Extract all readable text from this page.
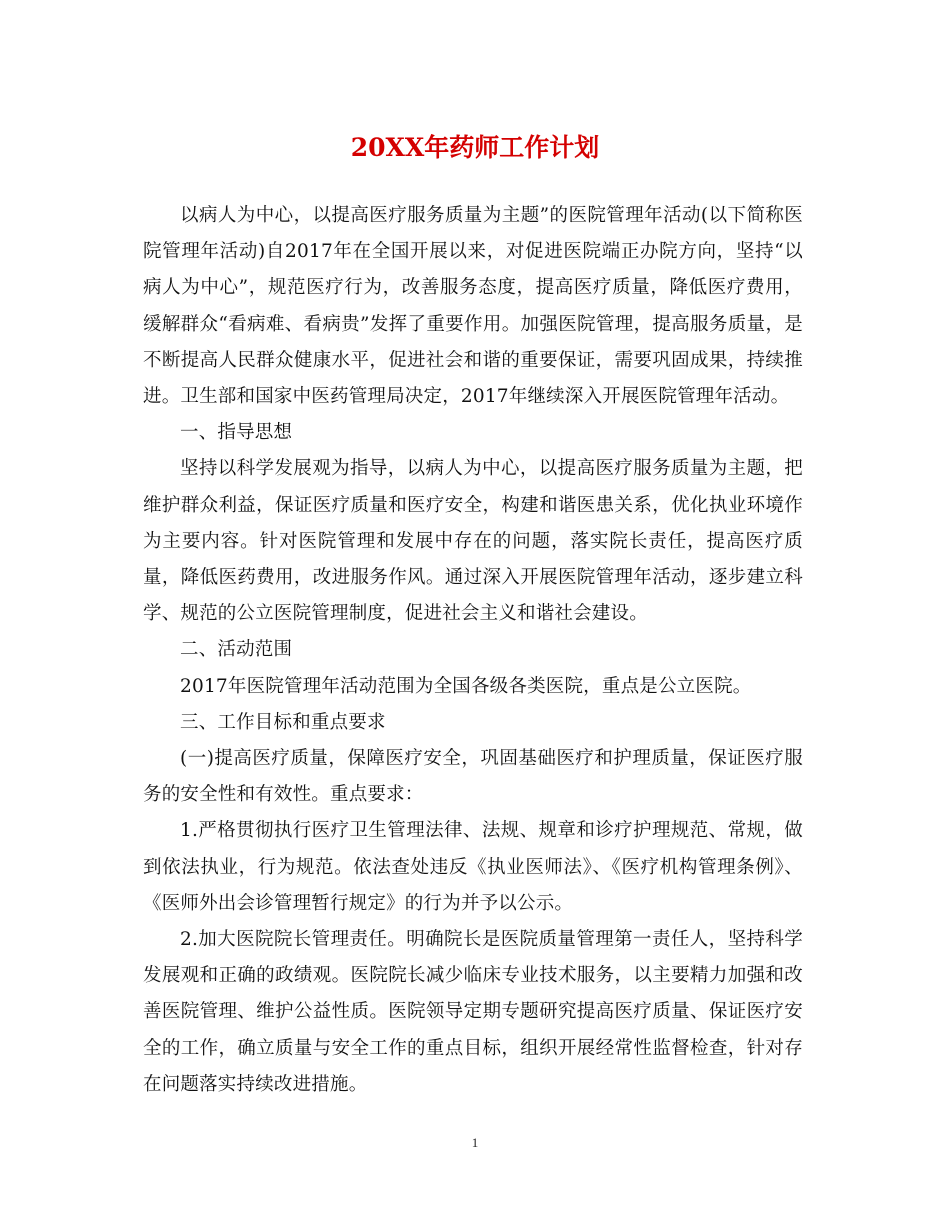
20XX年药师工作计划

以病人为中心，以提高医疗服务质量为主题”的医院管理年活动(以下简称医院管理年活动)自2017年在全国开展以来，对促进医院端正办院方向，坚持“以病人为中心”，规范医疗行为，改善服务态度，提高医疗质量，降低医疗费用，缓解群众“看病难、看病贵”发挥了重要作用。加强医院管理，提高服务质量，是不断提高人民群众健康水平，促进社会和谐的重要保证，需要巩固成果，持续推进。卫生部和国家中医药管理局决定，2017年继续深入开展医院管理年活动。

一、指导思想

坚持以科学发展观为指导，以病人为中心，以提高医疗服务质量为主题，把维护群众利益，保证医疗质量和医疗安全，构建和谐医患关系，优化执业环境作为主要内容。针对医院管理和发展中存在的问题，落实院长责任，提高医疗质量，降低医药费用，改进服务作风。通过深入开展医院管理年活动，逐步建立科学、规范的公立医院管理制度，促进社会主义和谐社会建设。

二、活动范围

2017年医院管理年活动范围为全国各级各类医院，重点是公立医院。

三、工作目标和重点要求

(一)提高医疗质量，保障医疗安全，巩固基础医疗和护理质量，保证医疗服务的安全性和有效性。重点要求：

1.严格贯彻执行医疗卫生管理法律、法规、规章和诊疗护理规范、常规，做到依法执业，行为规范。依法查处违反《执业医师法》、《医疗机构管理条例》、《医师外出会诊管理暂行规定》的行为并予以公示。

2.加大医院院长管理责任。明确院长是医院质量管理第一责任人，坚持科学发展观和正确的政绩观。医院院长减少临床专业技术服务，以主要精力加强和改善医院管理、维护公益性质。医院领导定期专题研究提高医疗质量、保证医疗安全的工作，确立质量与安全工作的重点目标，组织开展经常性监督检查，针对存在问题落实持续改进措施。

1
